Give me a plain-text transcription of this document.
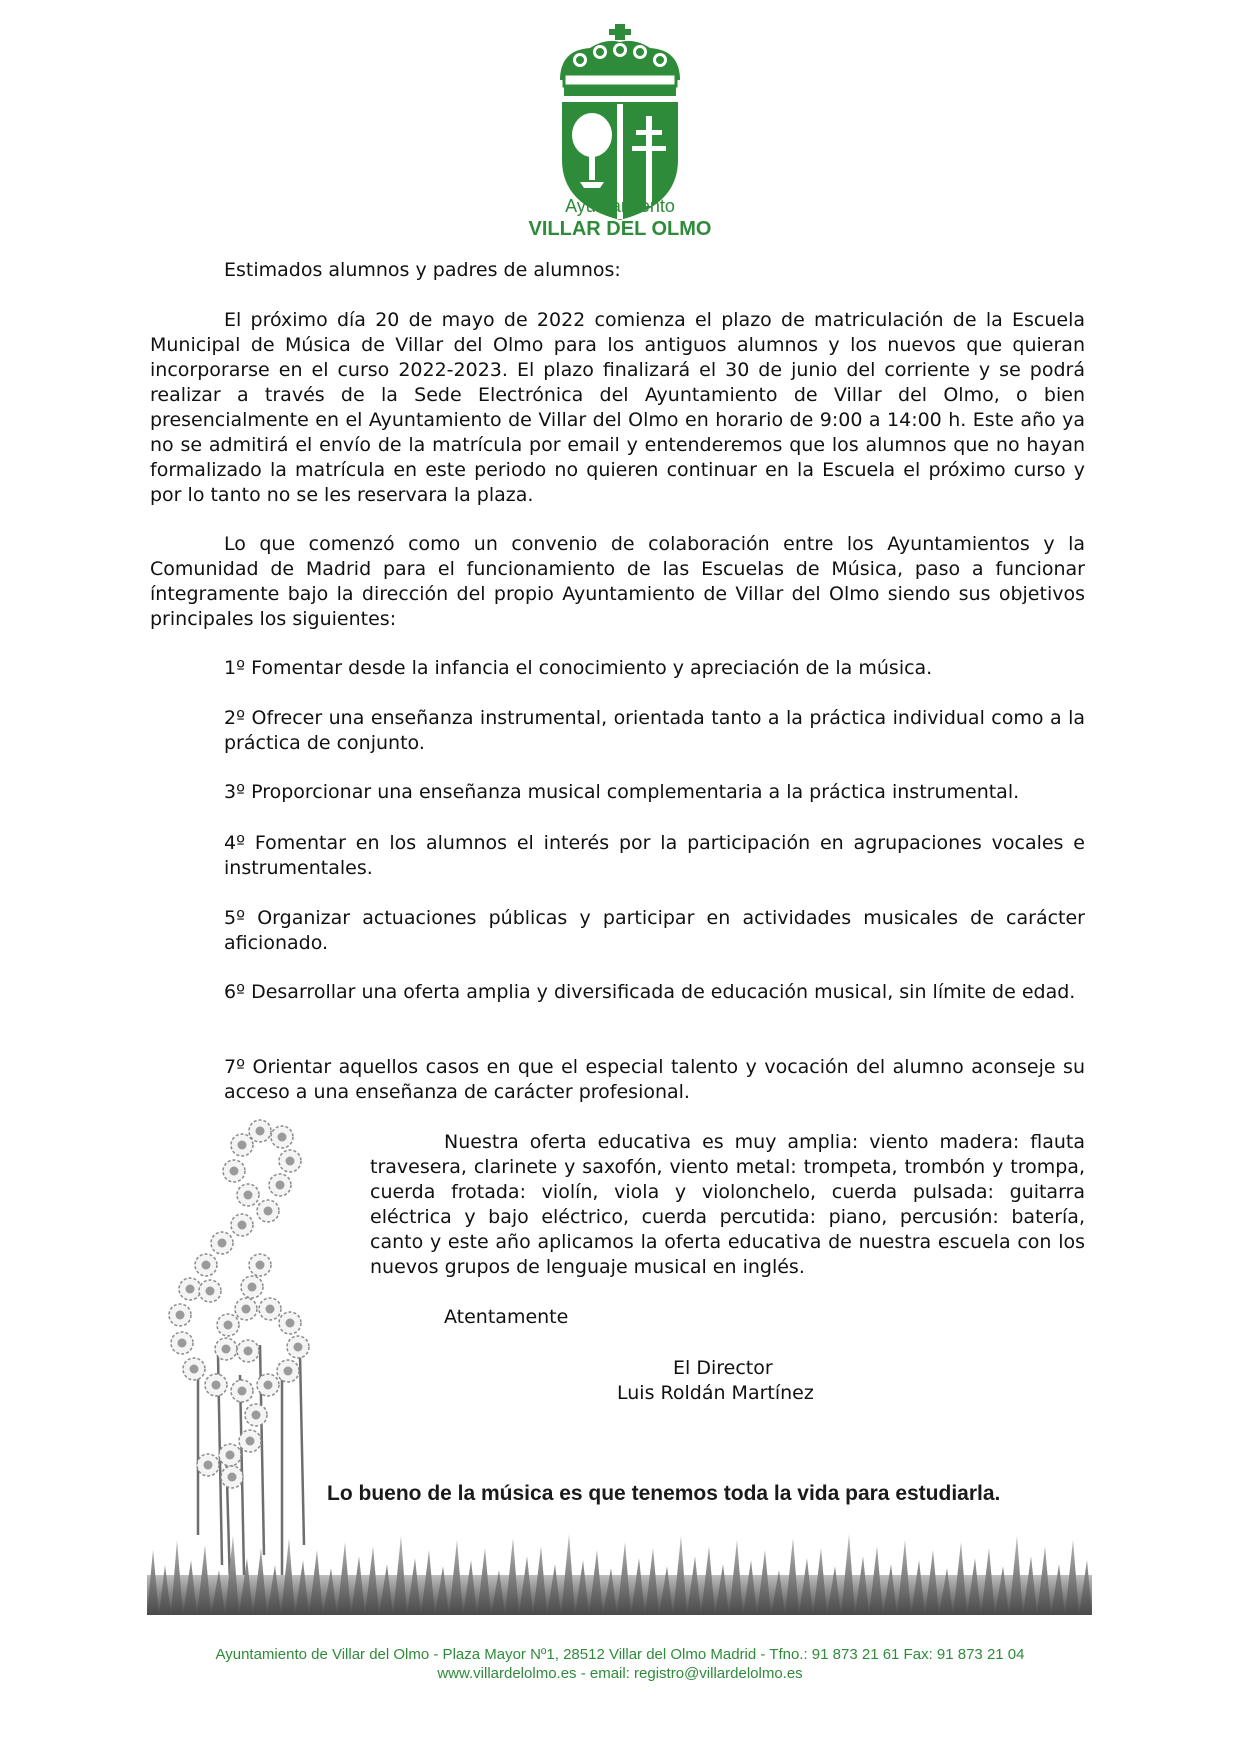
Ayuntamiento
VILLAR DEL OLMO

Estimados alumnos y padres de alumnos:

El próximo día 20 de mayo de 2022 comienza el plazo de matriculación de la Escuela Municipal de Música de Villar del Olmo para los antiguos alumnos y los nuevos que quieran incorporarse en el curso 2022-2023. El plazo finalizará el 30 de junio del corriente y se podrá realizar a través de la Sede Electrónica del Ayuntamiento de Villar del Olmo, o bien presencialmente en el Ayuntamiento de Villar del Olmo en horario de 9:00 a 14:00 h. Este año ya no se admitirá el envío de la matrícula por email y entenderemos que los alumnos que no hayan formalizado la matrícula en este periodo no quieren continuar en la Escuela el próximo curso y por lo tanto no se les reservara la plaza.

Lo que comenzó como un convenio de colaboración entre los Ayuntamientos y la Comunidad de Madrid para el funcionamiento de las Escuelas de Música, paso a funcionar íntegramente bajo la dirección del propio Ayuntamiento de Villar del Olmo siendo sus objetivos principales los siguientes:

1º Fomentar desde la infancia el conocimiento y apreciación de la música.

2º Ofrecer una enseñanza instrumental, orientada tanto a la práctica individual como a la práctica de conjunto.

3º Proporcionar una enseñanza musical complementaria a la práctica instrumental.

4º Fomentar en los alumnos el interés por la participación en agrupaciones vocales e instrumentales.

5º Organizar actuaciones públicas y participar en actividades musicales de carácter aficionado.

6º Desarrollar una oferta amplia y diversificada de educación musical, sin límite de edad.

7º Orientar aquellos casos en que el especial talento y vocación del alumno aconseje su acceso a una enseñanza de carácter profesional.

Nuestra oferta educativa es muy amplia: viento madera: flauta travesera, clarinete y saxofón, viento metal: trompeta, trombón y trompa, cuerda frotada: violín, viola y violonchelo, cuerda pulsada: guitarra eléctrica y bajo eléctrico, cuerda percutida: piano, percusión: batería, canto y este año aplicamos la oferta educativa de nuestra escuela con los nuevos grupos de lenguaje musical en inglés.

Atentamente

El Director

Luis Roldán Martínez

Lo bueno de la música es que tenemos toda la vida para estudiarla.
Ayuntamiento de Villar del Olmo - Plaza Mayor Nº1, 28512 Villar del Olmo Madrid - Tfno.: 91 873 21 61 Fax: 91 873 21 04
www.villardelolmo.es - email: registro@villardelolmo.es
